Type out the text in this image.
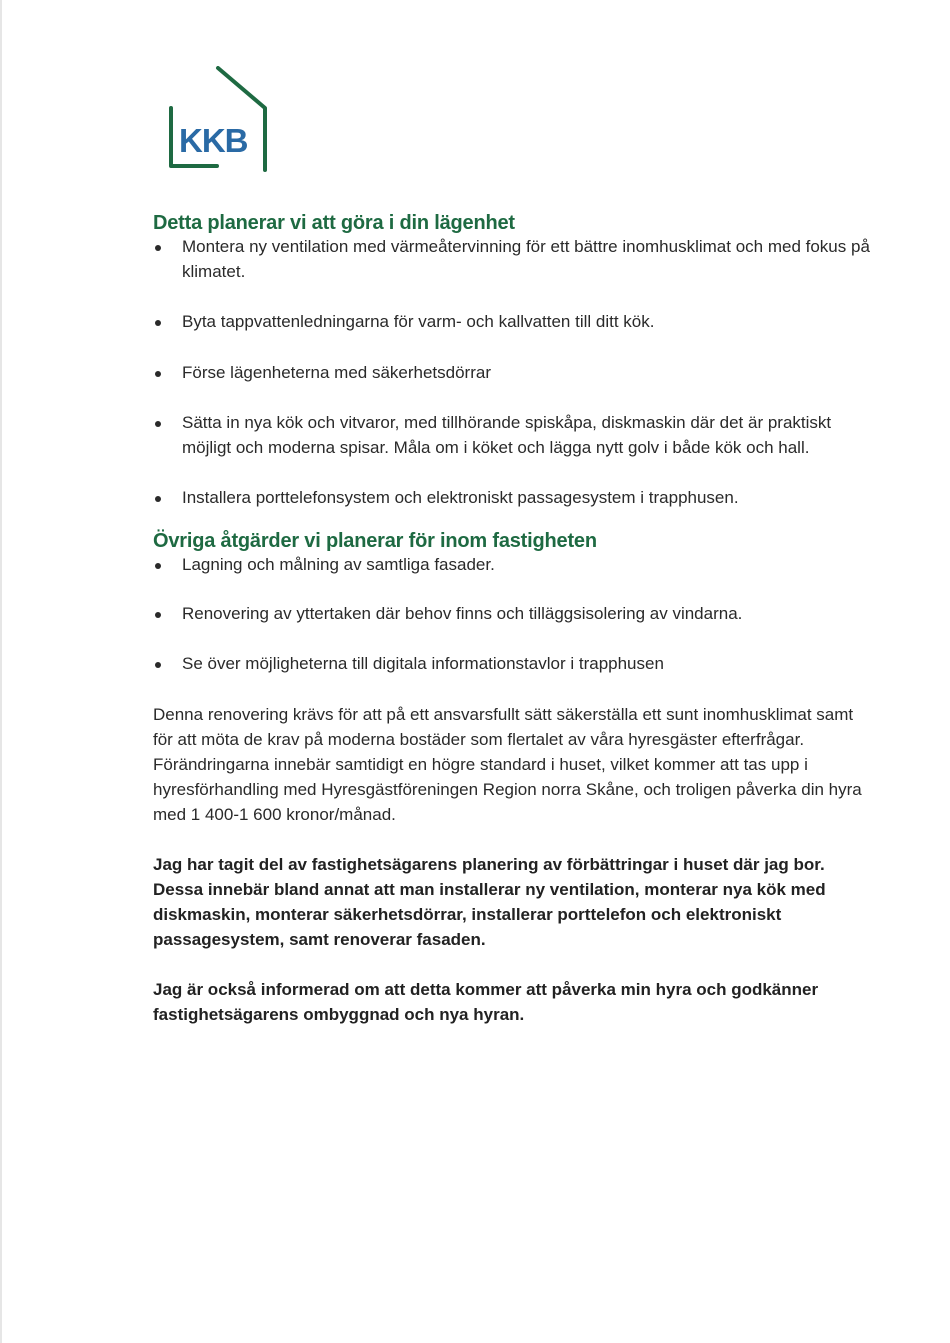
KKB
Detta planerar vi att göra i din lägenhet
Montera ny ventilation med värmeåtervinning för ett bättre inomhusklimat och med fokus på klimatet.
Byta tappvattenledningarna för varm- och kallvatten till ditt kök.
Förse lägenheterna med säkerhetsdörrar
Sätta in nya kök och vitvaror, med tillhörande spiskåpa, diskmaskin där det är praktiskt möjligt och moderna spisar. Måla om i köket och lägga nytt golv i både kök och hall.
Installera porttelefonsystem och elektroniskt passagesystem i trapphusen.
Övriga åtgärder vi planerar för inom fastigheten
Lagning och målning av samtliga fasader.
Renovering av yttertaken där behov finns och tilläggsisolering av vindarna.
Se över möjligheterna till digitala informationstavlor i trapphusen

Denna renovering krävs för att på ett ansvarsfullt sätt säkerställa ett sunt inomhusklimat samt för att möta de krav på moderna bostäder som flertalet av våra hyresgäster efterfrågar. Förändringarna innebär samtidigt en högre standard i huset, vilket kommer att tas upp i hyresförhandling med Hyresgästföreningen Region norra Skåne, och troligen påverka din hyra med 1 400-1 600 kronor/månad.

Jag har tagit del av fastighetsägarens planering av förbättringar i huset där jag bor. Dessa innebär bland annat att man installerar ny ventilation, monterar nya kök med diskmaskin, monterar säkerhetsdörrar, installerar porttelefon och elektroniskt passagesystem, samt renoverar fasaden.

Jag är också informerad om att detta kommer att påverka min hyra och godkänner fastighetsägarens ombyggnad och nya hyran.
